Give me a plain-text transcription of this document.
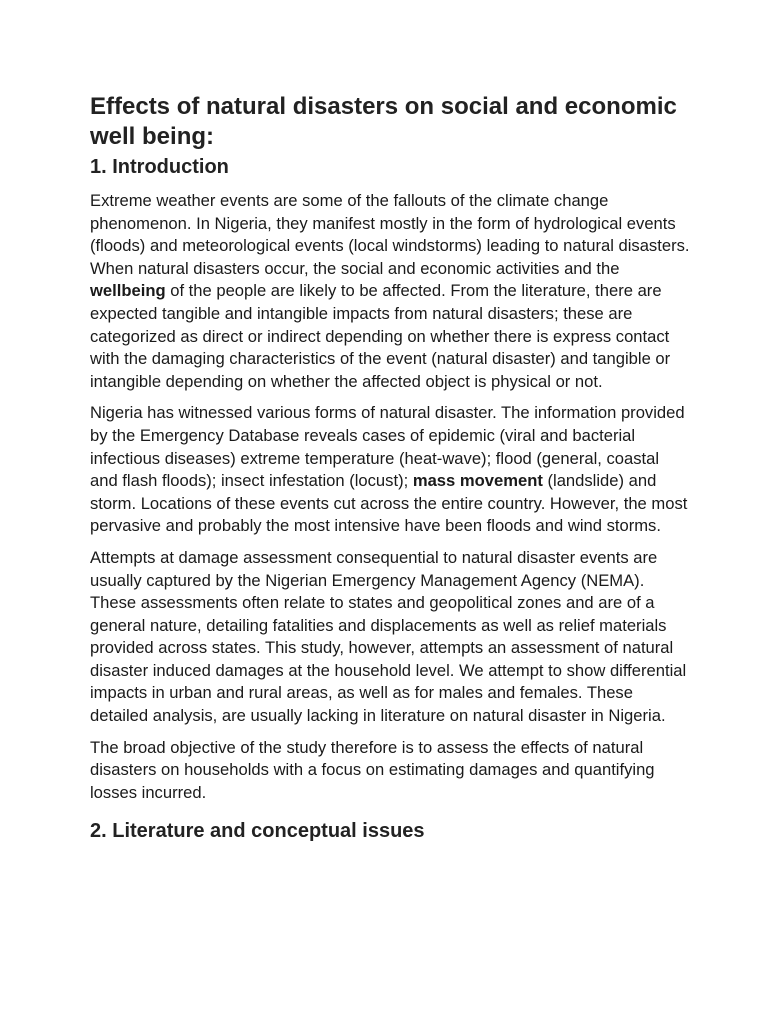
Effects of natural disasters on social and economic well being:
1. Introduction

Extreme weather events are some of the fallouts of the climate change phenomenon. In Nigeria, they manifest mostly in the form of hydrological events (floods) and meteorological events (local windstorms) leading to natural disasters. When natural disasters occur, the social and economic activities and the wellbeing of the people are likely to be affected. From the literature, there are expected tangible and intangible impacts from natural disasters; these are categorized as direct or indirect depending on whether there is express contact with the damaging characteristics of the event (natural disaster) and tangible or intangible depending on whether the affected object is physical or not.

Nigeria has witnessed various forms of natural disaster. The information provided by the Emergency Database reveals cases of epidemic (viral and bacterial infectious diseases) extreme temperature (heat-wave); flood (general, coastal and flash floods); insect infestation (locust); mass movement (landslide) and storm. Locations of these events cut across the entire country. However, the most pervasive and probably the most intensive have been floods and wind storms.

Attempts at damage assessment consequential to natural disaster events are usually captured by the Nigerian Emergency Management Agency (NEMA). These assessments often relate to states and geopolitical zones and are of a general nature, detailing fatalities and displacements as well as relief materials provided across states. This study, however, attempts an assessment of natural disaster induced damages at the household level. We attempt to show differential impacts in urban and rural areas, as well as for males and females. These detailed analysis, are usually lacking in literature on natural disaster in Nigeria.

The broad objective of the study therefore is to assess the effects of natural disasters on households with a focus on estimating damages and quantifying losses incurred.

2. Literature and conceptual issues
